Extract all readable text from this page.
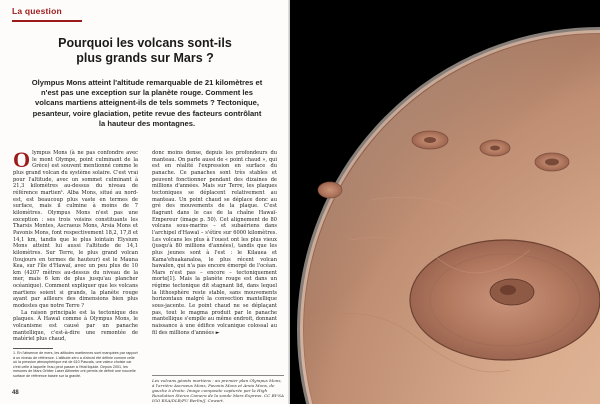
La question
Pourquoi les volcans sont-ils
plus grands sur Mars ?
Olympus Mons atteint l'altitude remarquable de 21 kilomètres et n'est pas une exception sur la planète rouge. Comment les volcans martiens atteignent-ils de tels sommets ? Tectonique, pesanteur, voire glaciation, petite revue des facteurs contrôlant la hauteur des montagnes.

Olympus Mons (à ne pas confondre avec le mont Olympe, point culminant de la Grèce) est souvent mentionné comme le plus grand volcan du système solaire. C'est vrai pour l'altitude, avec un sommet culminant à 21,3 kilomètres au-dessus du niveau de référence martien¹. Alba Mons, situé au nord-est, est beaucoup plus vaste en termes de surface, mais il culmine à moins de 7 kilomètres. Olympus Mons n'est pas une exception : ses trois voisins constituants les Tharsis Montes, Ascraeus Mons, Arsia Mons et Pavonis Mons, font respectivement 18,2, 17,8 et 14,1 km, tandis que le plus lointain Elysium Mons atteint lui aussi l'altitude de 14,1 kilomètres. Sur Terre, le plus grand volcan (toujours en termes de hauteur) est le Mauna Kea, sur l'île d'Hawaï, avec un peu plus de 10 km (4207 mètres au-dessus du niveau de la mer, mais 6 km de plus jusqu'au plancher océanique). Comment expliquer que les volcans martiens soient si grands, la planète rouge ayant par ailleurs des dimensions bien plus modestes que notre Terre ?

La raison principale est la tectonique des plaques. À Hawaï comme à Olympus Mons, le volcanisme est causé par un panache mantellique, c'est-à-dire une remontée de matériel plus chaud,

donc moins dense, depuis les profondeurs du manteau. On parle aussi de « point chaud », qui est en réalité l'expression en surface du panache. Ce panaches sont très stables et peuvent fonctionner pendant des dizaines de millions d'années. Mais sur Terre, les plaques tectoniques se déplacent relativement au manteau. Un point chaud se déplace donc au gré des mouvements de la plaque. C'est flagrant dans le cas de la chaîne Hawaï-Empereur (image p. 50). Cet alignement de 80 volcans sous-marins – et subaériens dans l'archipel d'Hawaï – s'étire sur 6000 kilomètres. Les volcans les plus à l'ouest ont les plus vieux (jusqu'à 80 millions d'années), tandis que les plus jeunes sont à l'est : le Kilauea et Kama'ehuakanaloa, le plus récent volcan hawaïen, qui n'a pas encore émergé de l'océan. Mars n'est pas – encore – tectoniquement morte[1]. Mais la planète rouge est dans un régime tectonique dit stagnant lid, dans lequel la lithosphère reste stable, sans mouvements horizontaux malgré la convection mantellique sous-jacente. Le point chaud ne se déplaçant pas, tout le magma produit par le panache mantellique s'empile au même endroit, donnant naissance à une édifice volcanique colossal au fil des millions d'années ►

1. En l'absence de mers, les altitudes martiennes sont marquées par rapport à un niveau de référence. L'altitude zéro a d'abord été définie comme celle où la pression atmosphérique est de 610 Pascals, une valeur choisie car c'est celle à laquelle l'eau peut passer à l'état liquide. Depuis 2001, les mesures de Mars Orbiter Laser Altimeter ont permis de définir une nouvelle surface de référence basée sur la gravité.
Les volcans géants martiens : au premier plan Olympus Mons, à l'arrière Ascraeus Mons, Pavonis Mons et Arsia Mons, de gauche à droite. Image composite capturée par la High Resolution Stereo Camera de la sonde Mars Express. CC BY-SA IGO ESA/DLR/FU Berlin/J. Cowart.
48
